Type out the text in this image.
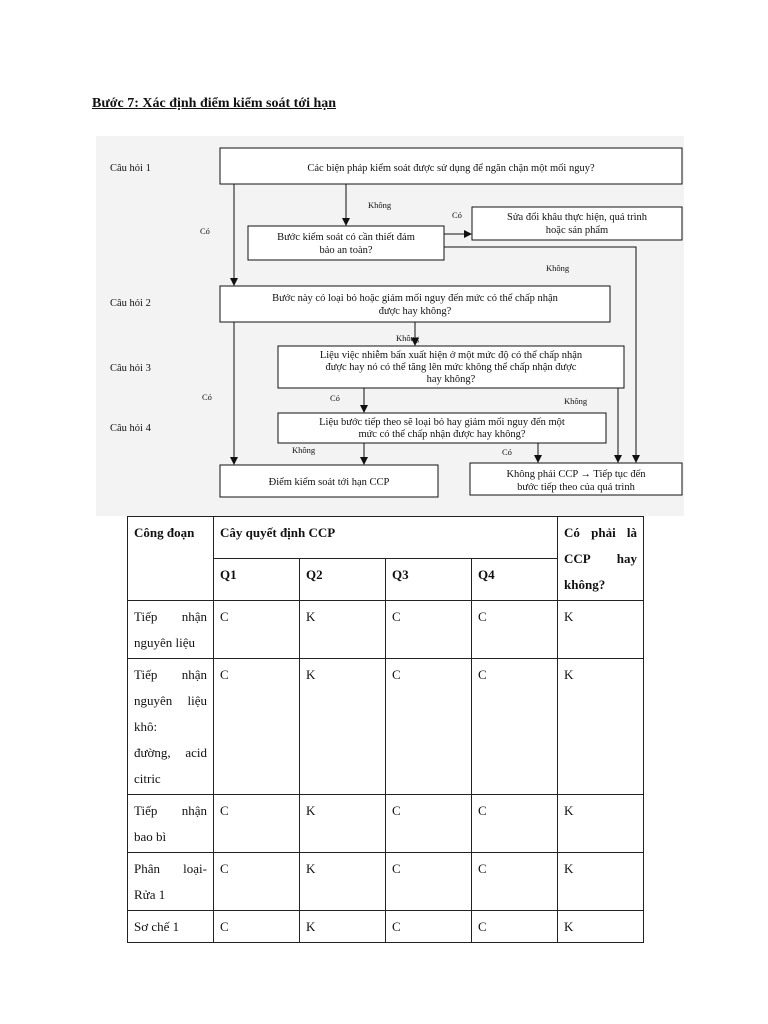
Bước 7: Xác định điểm kiểm soát tới hạn
Câu hỏi 1
Câu hỏi 2
Câu hỏi 3
Câu hỏi 4
Các biện pháp kiểm soát được sử dụng để ngăn chặn một mối nguy?
Bước kiểm soát có cần thiết đảm
bảo an toàn?
Sửa đổi khâu thực hiện, quá trình
hoặc sản phẩm
Bước này có loại bỏ hoặc giảm mối nguy đến mức có thể chấp nhận
được hay không?
Liệu việc nhiễm bẩn xuất hiện ở một mức độ có thể chấp nhận
được hay nó có thể tăng lên mức không thể chấp nhận được
hay không?
Liệu bước tiếp theo sẽ loại bỏ hay giảm mối nguy đến một
mức có thể chấp nhận được hay không?
Điểm kiểm soát tới hạn CCP
Không phải CCP → Tiếp tục đến
bước tiếp theo của quá trình
Không
Có
Có
Không
Không
Có	Có	Không
Không	Có
Công đoạn	Cây quyết định CCP				Có phải là
CCP hay
không?
	Q1	Q2	Q3	Q4	

Tiếp nhận
nguyên liệu	C	K	C	C	K

Tiếp nhận
nguyên liệu
khô:
đường, acid
citric	C	K	C	C	K

Tiếp nhận
bao bì	C	K	C	C	K

Phân loại-
Rửa 1	C	K	C	C	K

Sơ chế 1	C	K	C	C	K
